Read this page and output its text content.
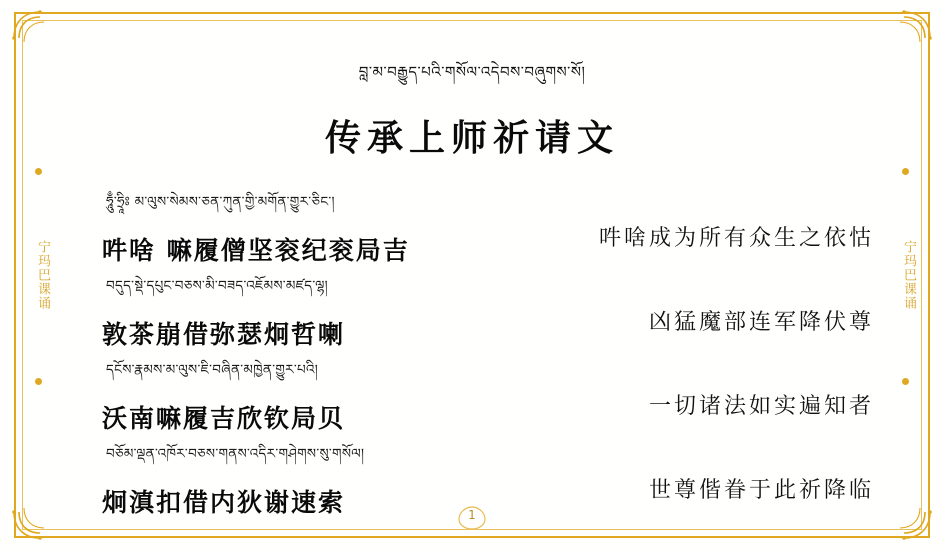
宁玛巴课诵	宁玛巴课诵
བླ་མ་བརྒྱུད་པའི་གསོལ་འདེབས་བཞུགས་སོ།
传承上师祈请文
ཧཱུྃ་ཧྲཱིཿ མ་ལུས་སེམས་ཅན་ཀུན་གྱི་མགོན་གྱུར་ཅིང་།
吽啥 嘛履僧坚衮纪衮局吉	吽啥成为所有众生之依怙
བདུད་སྡེ་དཔུང་བཅས་མི་བཟད་འཇོམས་མཛད་ལྷ།
敦茶崩借弥瑟炯哲喇	凶猛魔部连军降伏尊
དངོས་རྣམས་མ་ལུས་ཇི་བཞིན་མཁྱེན་གྱུར་པའི།
沃南嘛履吉欣钦局贝	一切诸法如实遍知者
བཅོམ་ལྡན་འཁོར་བཅས་གནས་འདིར་གཤེགས་སུ་གསོལ།
炯滇扣借内狄谢速索	世尊偕眷于此祈降临
1
